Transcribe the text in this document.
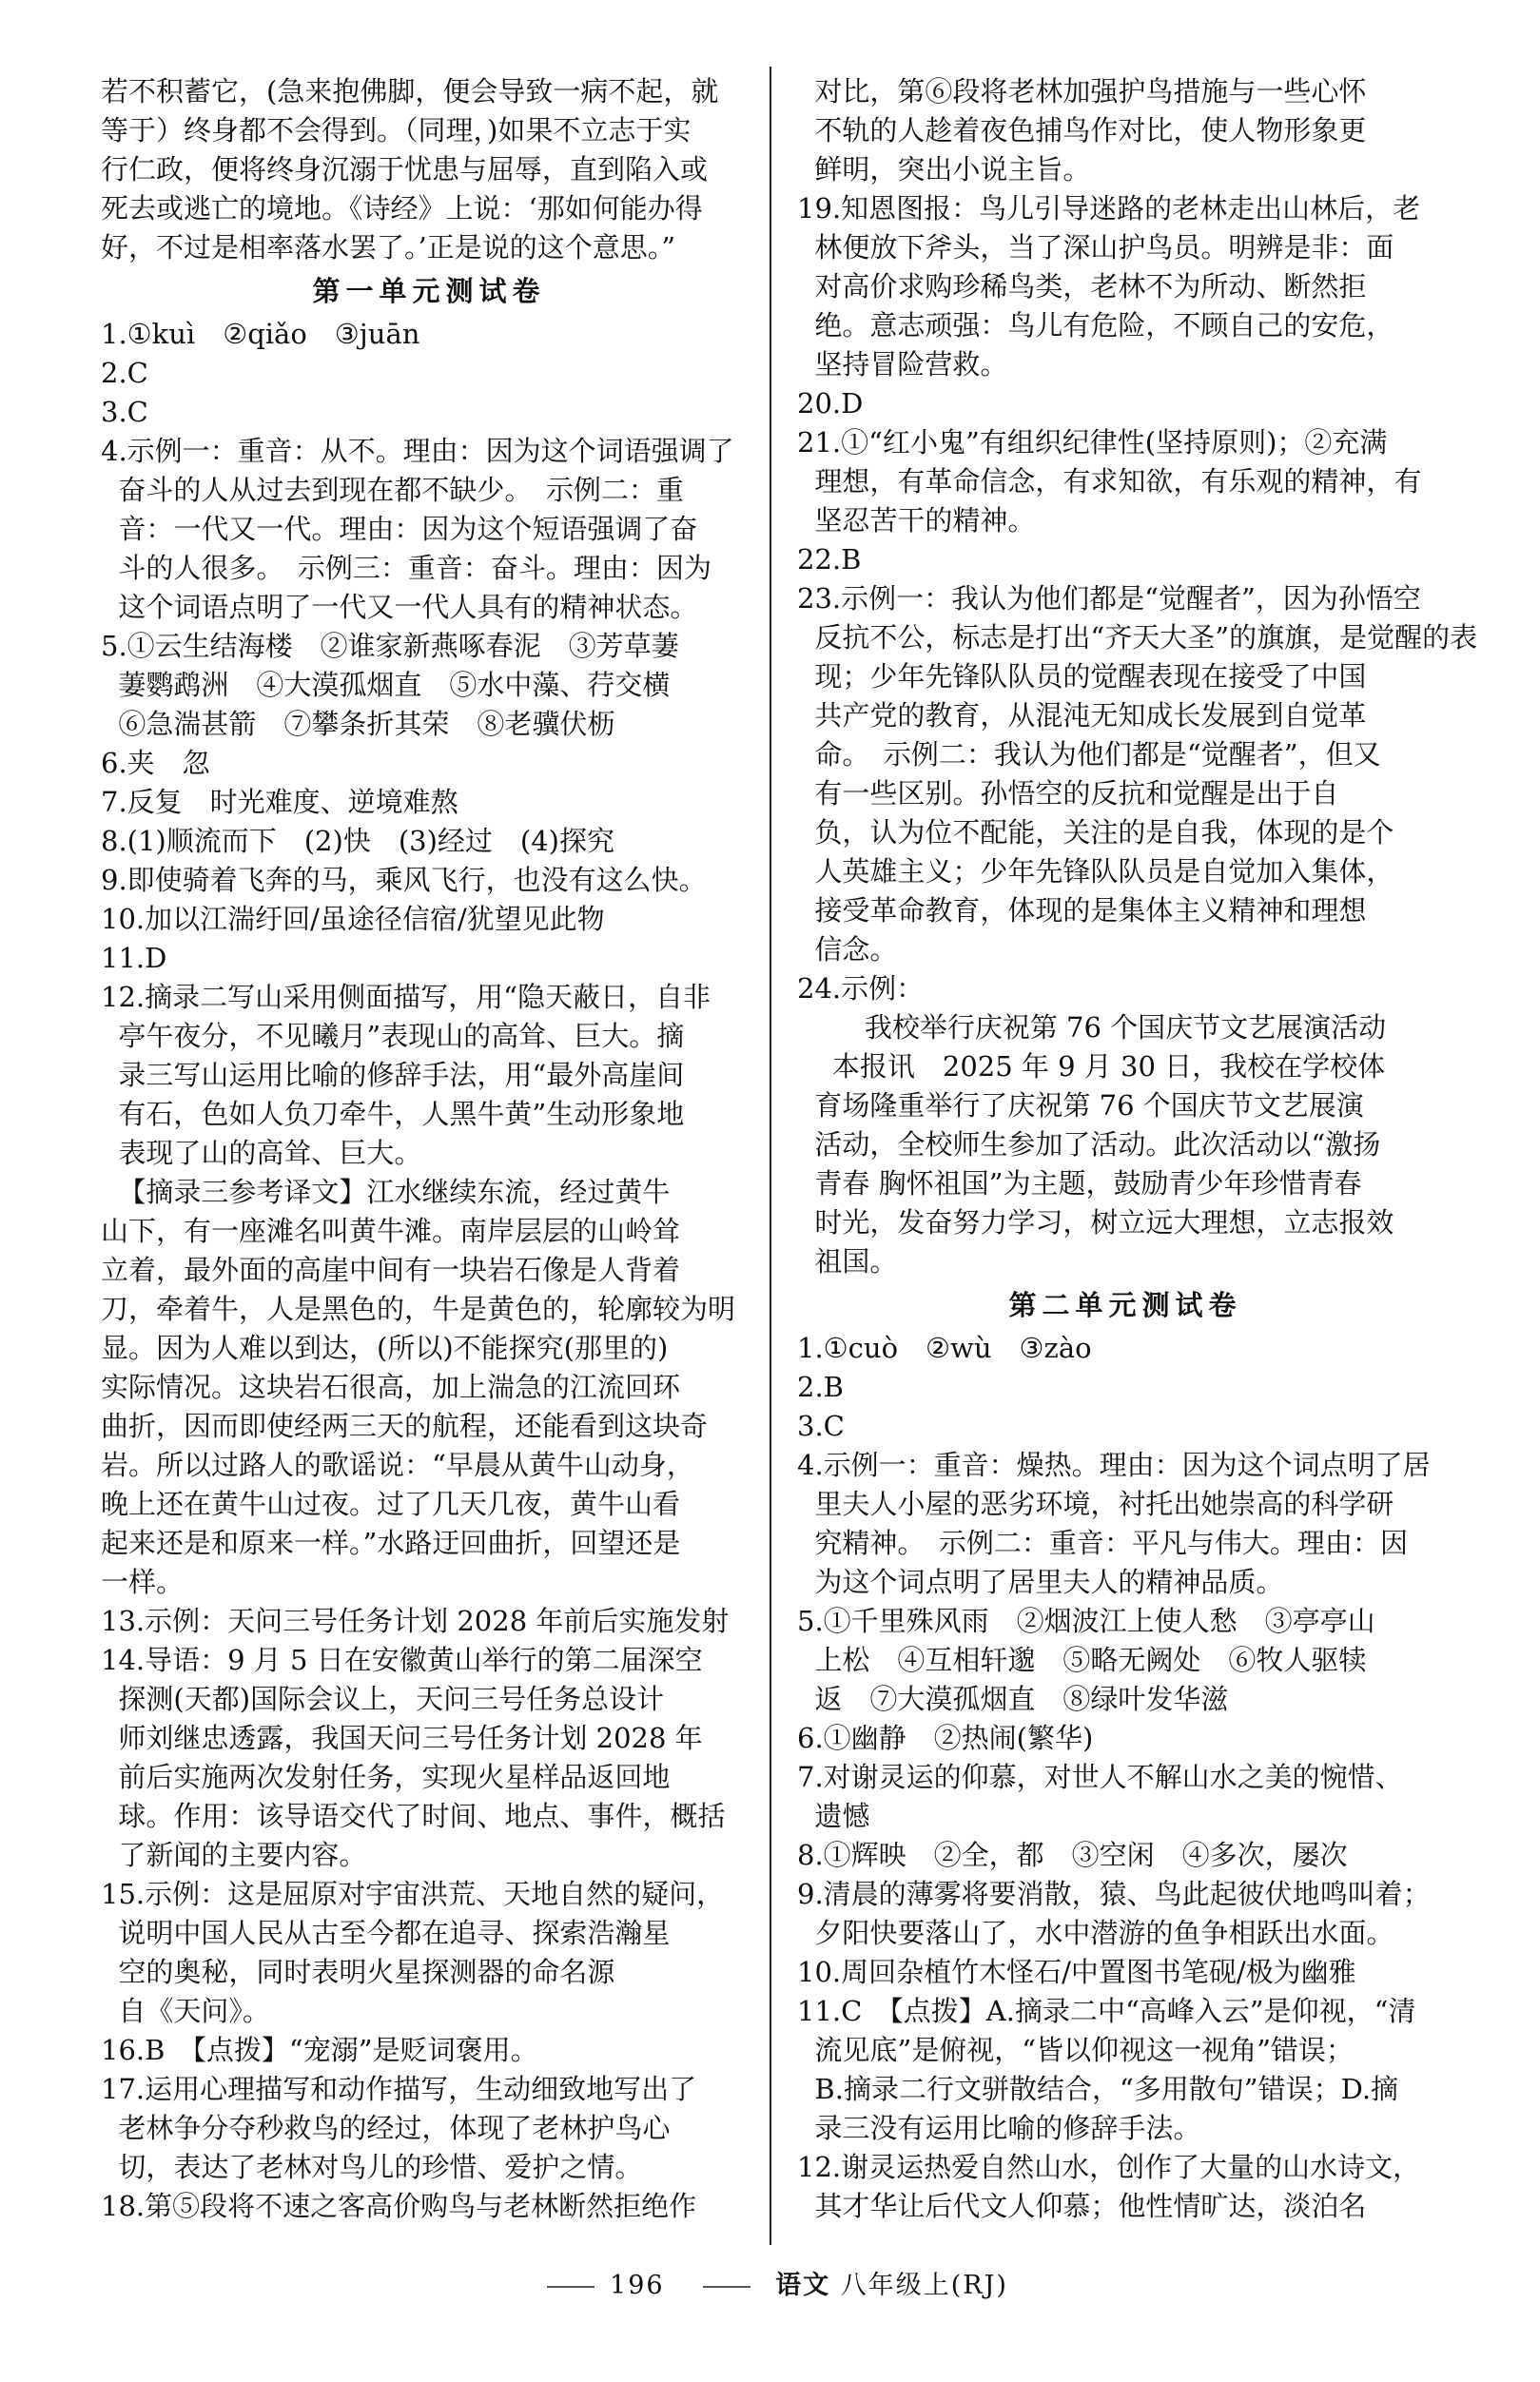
若不积蓄它，(急来抱佛脚，便会导致一病不起，就
等于）终身都不会得到。（同理，)如果不立志于实
行仁政，便将终身沉溺于忧患与屈辱，直到陷入或
死去或逃亡的境地。《诗经》上说：‘那如何能办得
好，不过是相率落水罢了。’正是说的这个意思。”
第一单元测试卷
1.①kuì　②qiǎo　③juān
2.C
3.C
4.示例一：重音：从不。理由：因为这个词语强调了
奋斗的人从过去到现在都不缺少。　示例二：重
音：一代又一代。理由：因为这个短语强调了奋
斗的人很多。　示例三：重音：奋斗。理由：因为
这个词语点明了一代又一代人具有的精神状态。
5.①云生结海楼　②谁家新燕啄春泥　③芳草萋
萋鹦鹉洲　④大漠孤烟直　⑤水中藻、荇交横
⑥急湍甚箭　⑦攀条折其荣　⑧老骥伏枥
6.夹　忽
7.反复　时光难度、逆境难熬
8.(1)顺流而下　(2)快　(3)经过　(4)探究
9.即使骑着飞奔的马，乘风飞行，也没有这么快。
10.加以江湍纡回/虽途径信宿/犹望见此物
11.D
12.摘录二写山采用侧面描写，用“隐天蔽日，自非
亭午夜分，不见曦月”表现山的高耸、巨大。摘
录三写山运用比喻的修辞手法，用“最外高崖间
有石，色如人负刀牵牛，人黑牛黄”生动形象地
表现了山的高耸、巨大。
【摘录三参考译文】江水继续东流，经过黄牛
山下，有一座滩名叫黄牛滩。南岸层层的山岭耸
立着，最外面的高崖中间有一块岩石像是人背着
刀，牵着牛，人是黑色的，牛是黄色的，轮廓较为明
显。因为人难以到达，(所以)不能探究(那里的)
实际情况。这块岩石很高，加上湍急的江流回环
曲折，因而即使经两三天的航程，还能看到这块奇
岩。所以过路人的歌谣说：“早晨从黄牛山动身，
晚上还在黄牛山过夜。过了几天几夜，黄牛山看
起来还是和原来一样。”水路迂回曲折，回望还是
一样。
13.示例：天问三号任务计划 2028 年前后实施发射
14.导语：9 月 5 日在安徽黄山举行的第二届深空
探测(天都)国际会议上，天问三号任务总设计
师刘继忠透露，我国天问三号任务计划 2028 年
前后实施两次发射任务，实现火星样品返回地
球。作用：该导语交代了时间、地点、事件，概括
了新闻的主要内容。
15.示例：这是屈原对宇宙洪荒、天地自然的疑问，
说明中国人民从古至今都在追寻、探索浩瀚星
空的奥秘，同时表明火星探测器的命名源
自《天问》。
16.B　【点拨】“宠溺”是贬词褒用。
17.运用心理描写和动作描写，生动细致地写出了
老林争分夺秒救鸟的经过，体现了老林护鸟心
切，表达了老林对鸟儿的珍惜、爱护之情。
18.第⑤段将不速之客高价购鸟与老林断然拒绝作
对比，第⑥段将老林加强护鸟措施与一些心怀
不轨的人趁着夜色捕鸟作对比，使人物形象更
鲜明，突出小说主旨。
19.知恩图报：鸟儿引导迷路的老林走出山林后，老
林便放下斧头，当了深山护鸟员。明辨是非：面
对高价求购珍稀鸟类，老林不为所动、断然拒
绝。意志顽强：鸟儿有危险，不顾自己的安危，
坚持冒险营救。
20.D
21.①“红小鬼”有组织纪律性(坚持原则)；②充满
理想，有革命信念，有求知欲，有乐观的精神，有
坚忍苦干的精神。
22.B
23.示例一：我认为他们都是“觉醒者”，因为孙悟空
反抗不公，标志是打出“齐天大圣”的旗旗，是觉醒的表
现；少年先锋队队员的觉醒表现在接受了中国
共产党的教育，从混沌无知成长发展到自觉革
命。　示例二：我认为他们都是“觉醒者”，但又
有一些区别。孙悟空的反抗和觉醒是出于自
负，认为位不配能，关注的是自我，体现的是个
人英雄主义；少年先锋队队员是自觉加入集体，
接受革命教育，体现的是集体主义精神和理想
信念。
24.示例：
我校举行庆祝第 76 个国庆节文艺展演活动
本报讯　2025 年 9 月 30 日，我校在学校体
育场隆重举行了庆祝第 76 个国庆节文艺展演
活动，全校师生参加了活动。此次活动以“激扬
青春 胸怀祖国”为主题，鼓励青少年珍惜青春
时光，发奋努力学习，树立远大理想，立志报效
祖国。
第二单元测试卷
1.①cuò　②wù　③zào
2.B
3.C
4.示例一：重音：燥热。理由：因为这个词点明了居
里夫人小屋的恶劣环境，衬托出她崇高的科学研
究精神。　示例二：重音：平凡与伟大。理由：因
为这个词点明了居里夫人的精神品质。
5.①千里殊风雨　②烟波江上使人愁　③亭亭山
上松　④互相轩邈　⑤略无阙处　⑥牧人驱犊
返　⑦大漠孤烟直　⑧绿叶发华滋
6.①幽静　②热闹(繁华)
7.对谢灵运的仰慕，对世人不解山水之美的惋惜、
遗憾
8.①辉映　②全，都　③空闲　④多次，屡次
9.清晨的薄雾将要消散，猿、鸟此起彼伏地鸣叫着；
夕阳快要落山了，水中潜游的鱼争相跃出水面。
10.周回杂植竹木怪石/中置图书笔砚/极为幽雅
11.C　【点拨】A.摘录二中“高峰入云”是仰视，“清
流见底”是俯视，“皆以仰视这一视角”错误；
B.摘录二行文骈散结合，“多用散句”错误；D.摘
录三没有运用比喻的修辞手法。
12.谢灵运热爱自然山水，创作了大量的山水诗文，
其才华让后代文人仰慕；他性情旷达，淡泊名
196	语文 八年级上(RJ)
